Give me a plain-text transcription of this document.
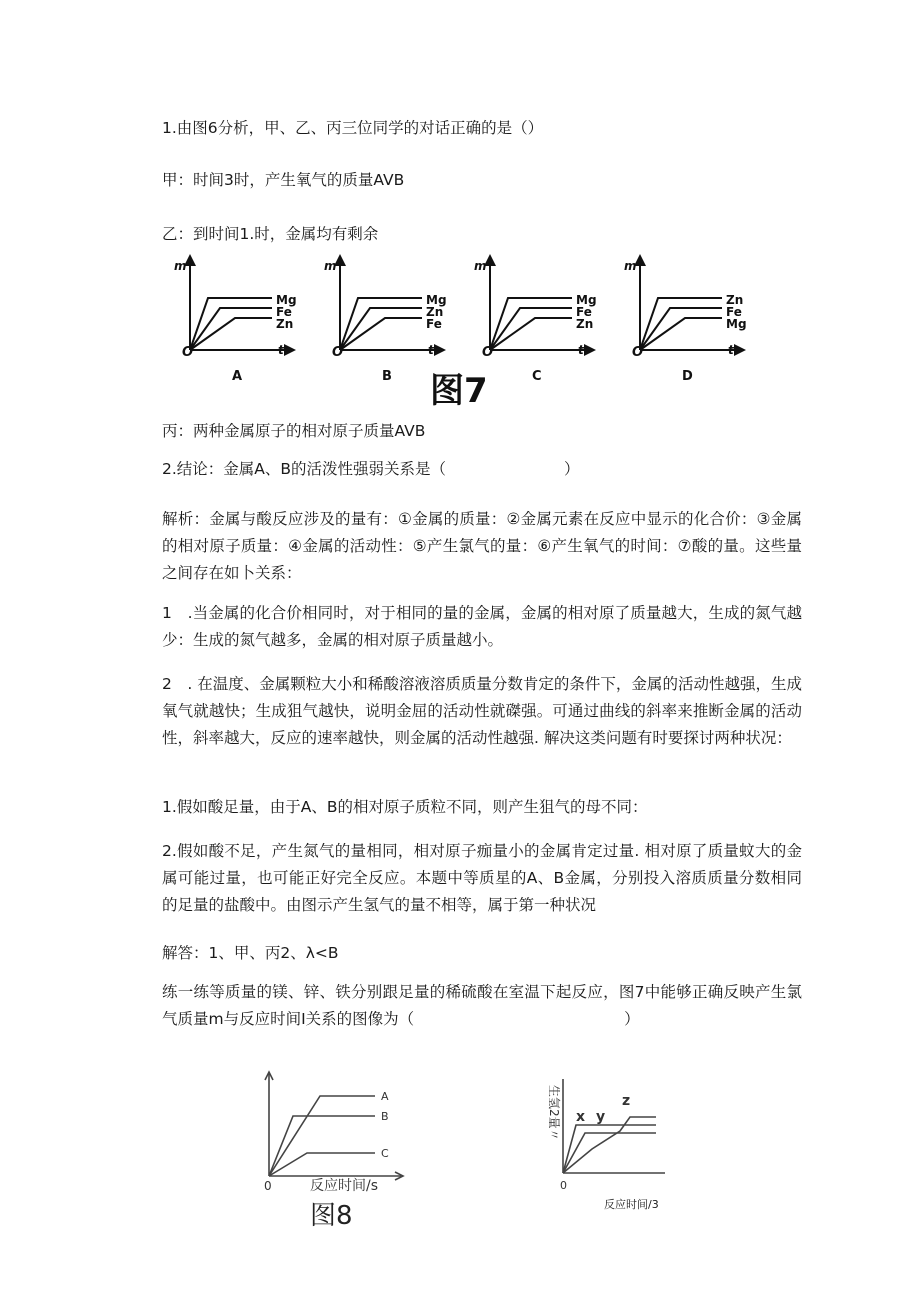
1.由图6分析，甲、乙、丙三位同学的对话正确的是（）
甲：时间3时，产生氧气的质量AVB
乙：到时间1.时，金属均有剩余
图7
Mg
Fe
Zn
m
t
O
A
Mg
Zn
Fe
m
t
O
B
Mg
Fe
Zn
m
t
O
C
Zn
Fe
Mg
m
t
O
D
丙：两种金属原子的相对原子质量AVB
2.结论：金属A、B的活泼性强弱关系是（	）
解析：金属与酸反应涉及的量有：①金属的质量：②金属元素在反应中显示的化合价：③金属的相对原子质量：④金属的活动性：⑤产生氯气的量：⑥产生氧气的时间：⑦酸的量。这些量之间存在如卜关系：
1　.当金属的化合价相同时，对于相同的量的金属，金属的相对原了质量越大，生成的氮气越少：生成的氮气越多，金属的相对原子质量越小。
2　. 在温度、金属颗粒大小和稀酸溶液溶质质量分数肯定的条件下，金属的活动性越强，生成氧气就越快；生成狙气越快，说明金屈的活动性就磔强。可通过曲线的斜率来推断金属的活动性，斜率越大，反应的速率越快，则金属的活动性越强. 解决这类问题有时要探讨两种状况：
1.假如酸足量，由于A、B的相对原子质粒不同，则产生狙气的母不同：
2.假如酸不足，产生氮气的量相同，相对原子痂量小的金属肯定过量. 相对原了质量蚊大的金属可能过量，也可能正好完全反应。本题中等质星的A、B金属，分别投入溶质质量分数相同的足量的盐酸中。由图示产生氢气的量不相等，属于第一种状况
解答：1、甲、丙2、λ<B
练一练等质量的镁、锌、铁分别跟足量的稀硫酸在室温下起反应，图7中能够正确反映产生氯气质量m与反应时间I关系的图像为（	）
A
B
C
0	反应时间/s
图8
生氢2量〃 x y
z
0
反应时间/3
